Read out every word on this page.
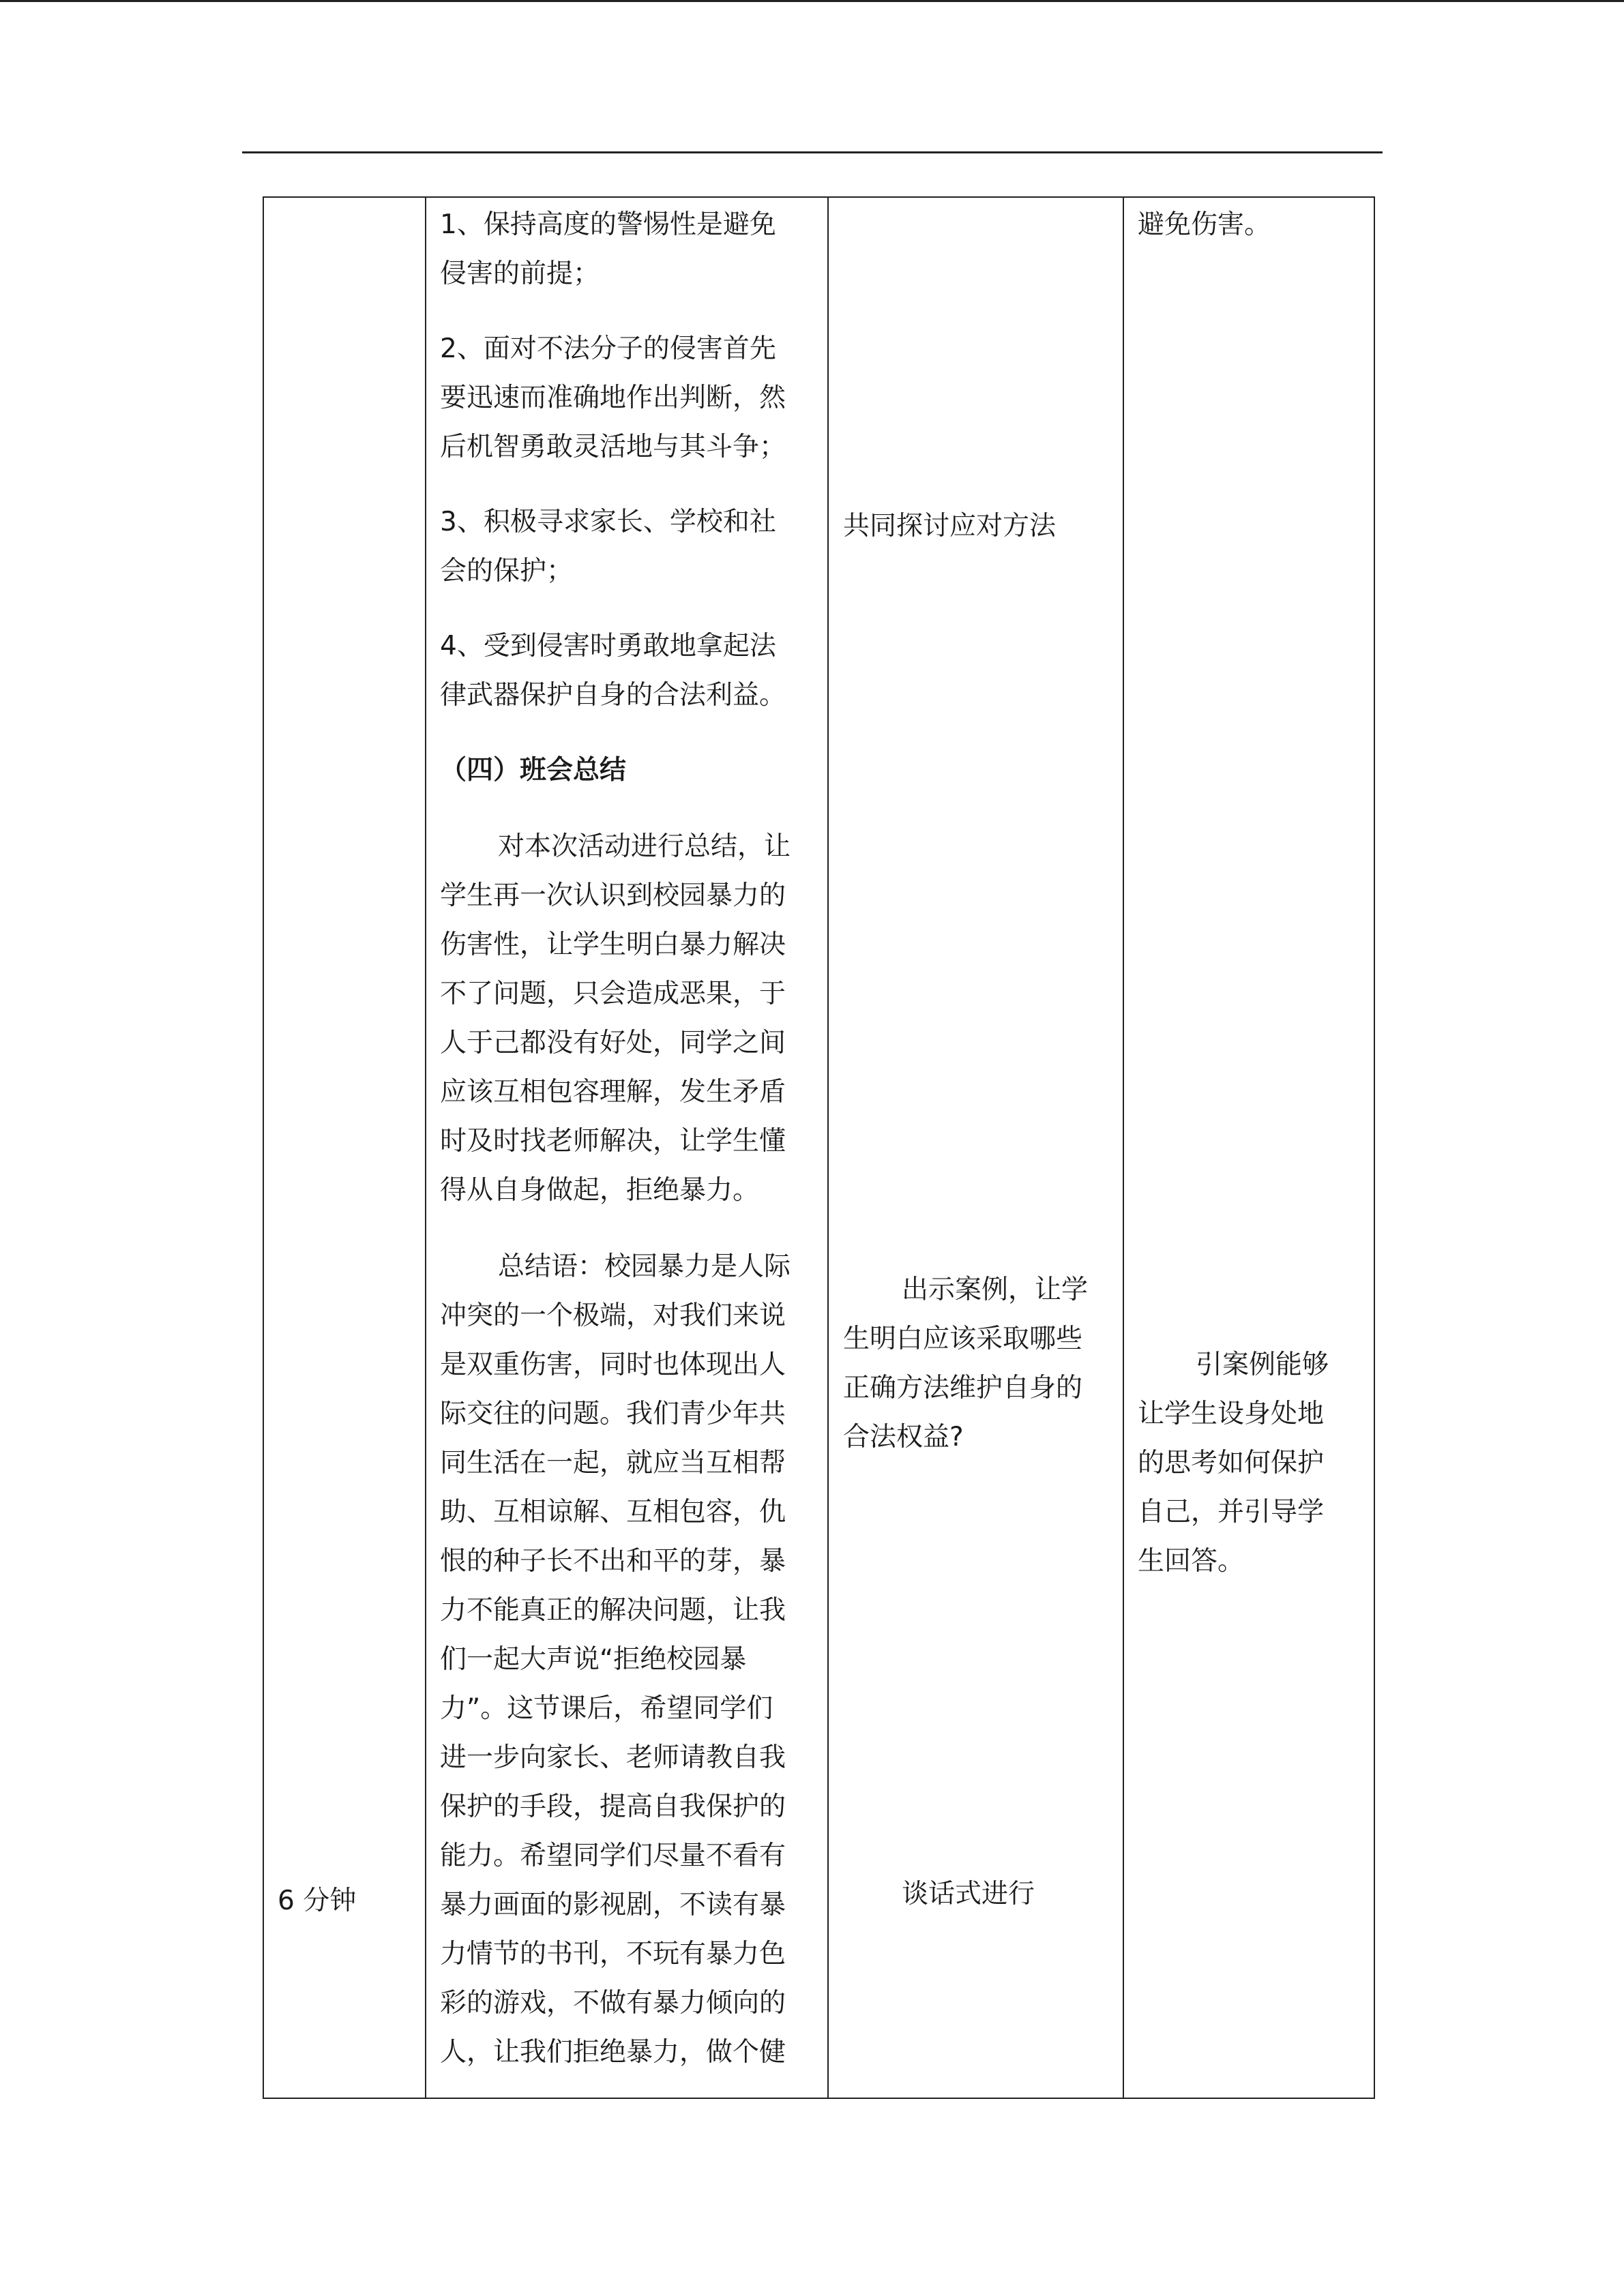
6 分钟
1、保持高度的警惕性是避免
侵害的前提；
2、面对不法分子的侵害首先
要迅速而准确地作出判断，然
后机智勇敢灵活地与其斗争；
3、积极寻求家长、学校和社
会的保护；
4、受到侵害时勇敢地拿起法
律武器保护自身的合法利益。
（四）班会总结
对本次活动进行总结，让
学生再一次认识到校园暴力的
伤害性，让学生明白暴力解决
不了问题，只会造成恶果，于
人于己都没有好处，同学之间
应该互相包容理解，发生矛盾
时及时找老师解决，让学生懂
得从自身做起，拒绝暴力。
总结语：校园暴力是人际
冲突的一个极端，对我们来说
是双重伤害，同时也体现出人
际交往的问题。我们青少年共
同生活在一起，就应当互相帮
助、互相谅解、互相包容，仇
恨的种子长不出和平的芽，暴
力不能真正的解决问题，让我
们一起大声说“拒绝校园暴
力”。这节课后，希望同学们
进一步向家长、老师请教自我
保护的手段，提高自我保护的
能力。希望同学们尽量不看有
暴力画面的影视剧，不读有暴
力情节的书刊，不玩有暴力色
彩的游戏，不做有暴力倾向的
人，让我们拒绝暴力，做个健
共同探讨应对方法
出示案例，让学
生明白应该采取哪些
正确方法维护自身的
合法权益?
谈话式进行
避免伤害。
引案例能够
让学生设身处地
的思考如何保护
自己，并引导学
生回答。
